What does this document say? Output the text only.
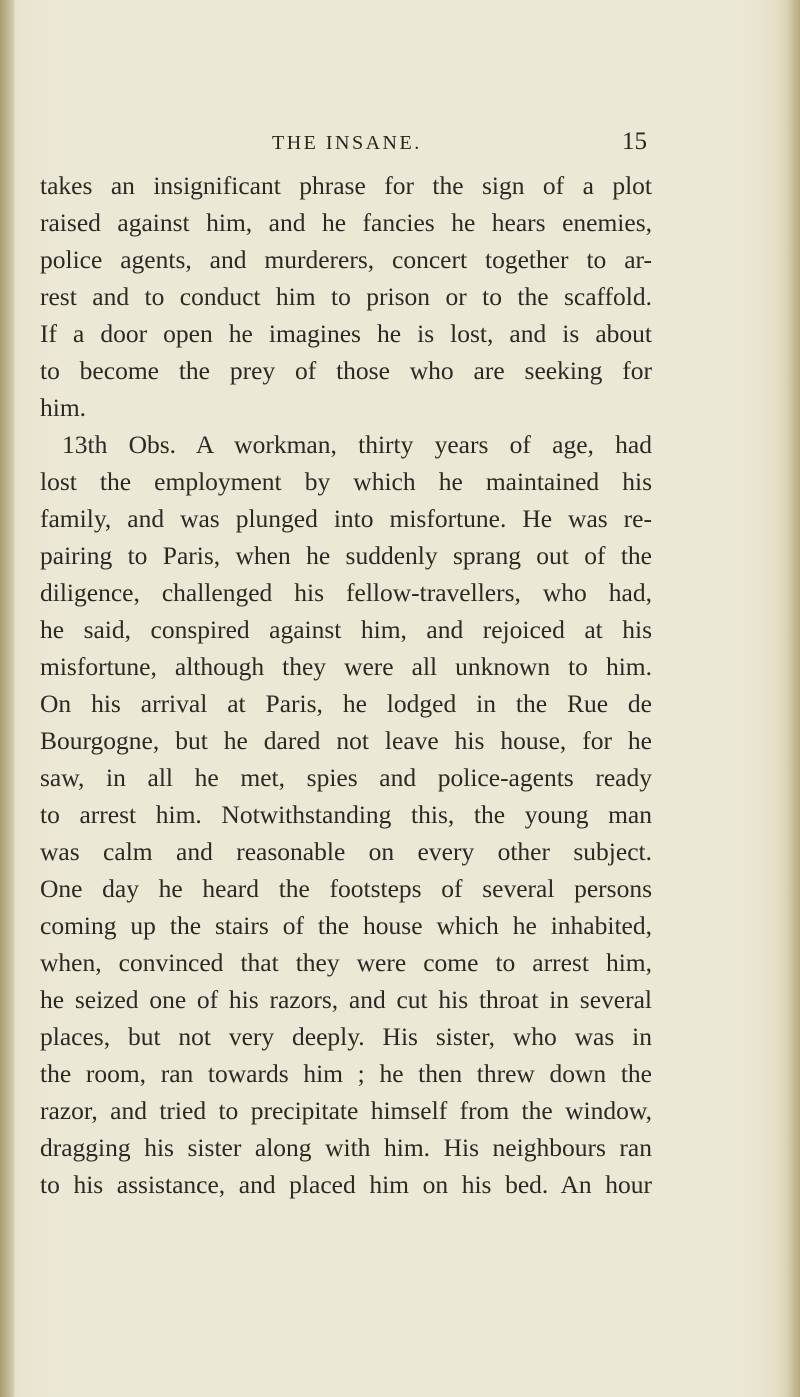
THE INSANE.	15
takes an insignificant phrase for the sign of a plot
raised against him, and he fancies he hears enemies,
police agents, and murderers, concert together to ar-
rest and to conduct him to prison or to the scaffold.
If a door open he imagines he is lost, and is about
to become the prey of those who are seeking for
him.
13th Obs. A workman, thirty years of age, had
lost the employment by which he maintained his
family, and was plunged into misfortune. He was re-
pairing to Paris, when he suddenly sprang out of the
diligence, challenged his fellow-travellers, who had,
he said, conspired against him, and rejoiced at his
misfortune, although they were all unknown to him.
On his arrival at Paris, he lodged in the Rue de
Bourgogne, but he dared not leave his house, for he
saw, in all he met, spies and police-agents ready
to arrest him. Notwithstanding this, the young man
was calm and reasonable on every other subject.
One day he heard the footsteps of several persons
coming up the stairs of the house which he inhabited,
when, convinced that they were come to arrest him,
he seized one of his razors, and cut his throat in several
places, but not very deeply. His sister, who was in
the room, ran towards him ; he then threw down the
razor, and tried to precipitate himself from the window,
dragging his sister along with him. His neighbours ran
to his assistance, and placed him on his bed. An hour
